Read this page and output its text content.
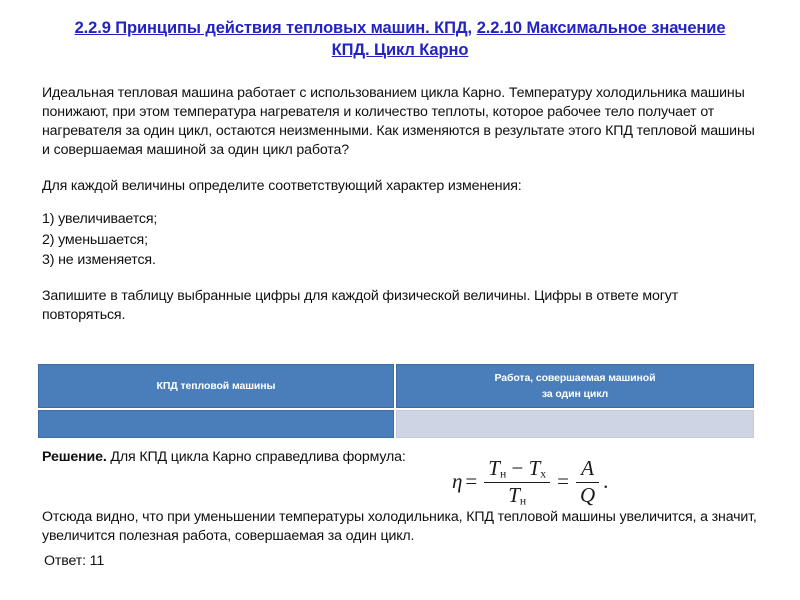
2.2.9 Принципы действия тепловых машин. КПД, 2.2.10 Максимальное значение КПД. Цикл Карно

Идеальная тепловая машина работает с использованием цикла Карно. Температуру холодильника машины понижают, при этом температура нагревателя и количество теплоты, которое рабочее тело получает от нагревателя за один цикл, остаются неизменными. Как изменяются в результате этого КПД тепловой машины и совершаемая машиной за один цикл работа?

Для каждой величины определите соответствующий характер изменения:

1) увеличивается;

2) уменьшается;

3) не изменяется.

Запишите в таблицу выбранные цифры для каждой физической величины. Цифры в ответе могут повторяться.

КПД тепловой машины	Работа, совершаемая машиной
за один цикл

Решение. Для КПД цикла Карно справедлива формула:

$\eta = \frac{T_н - T_х}{T_н} = \frac{A}{Q}$ .

Отсюда видно, что при уменьшении температуры холодильника, КПД тепловой машины увеличится, а значит, увеличится полезная работа, совершаемая за один цикл.

Ответ: 11
